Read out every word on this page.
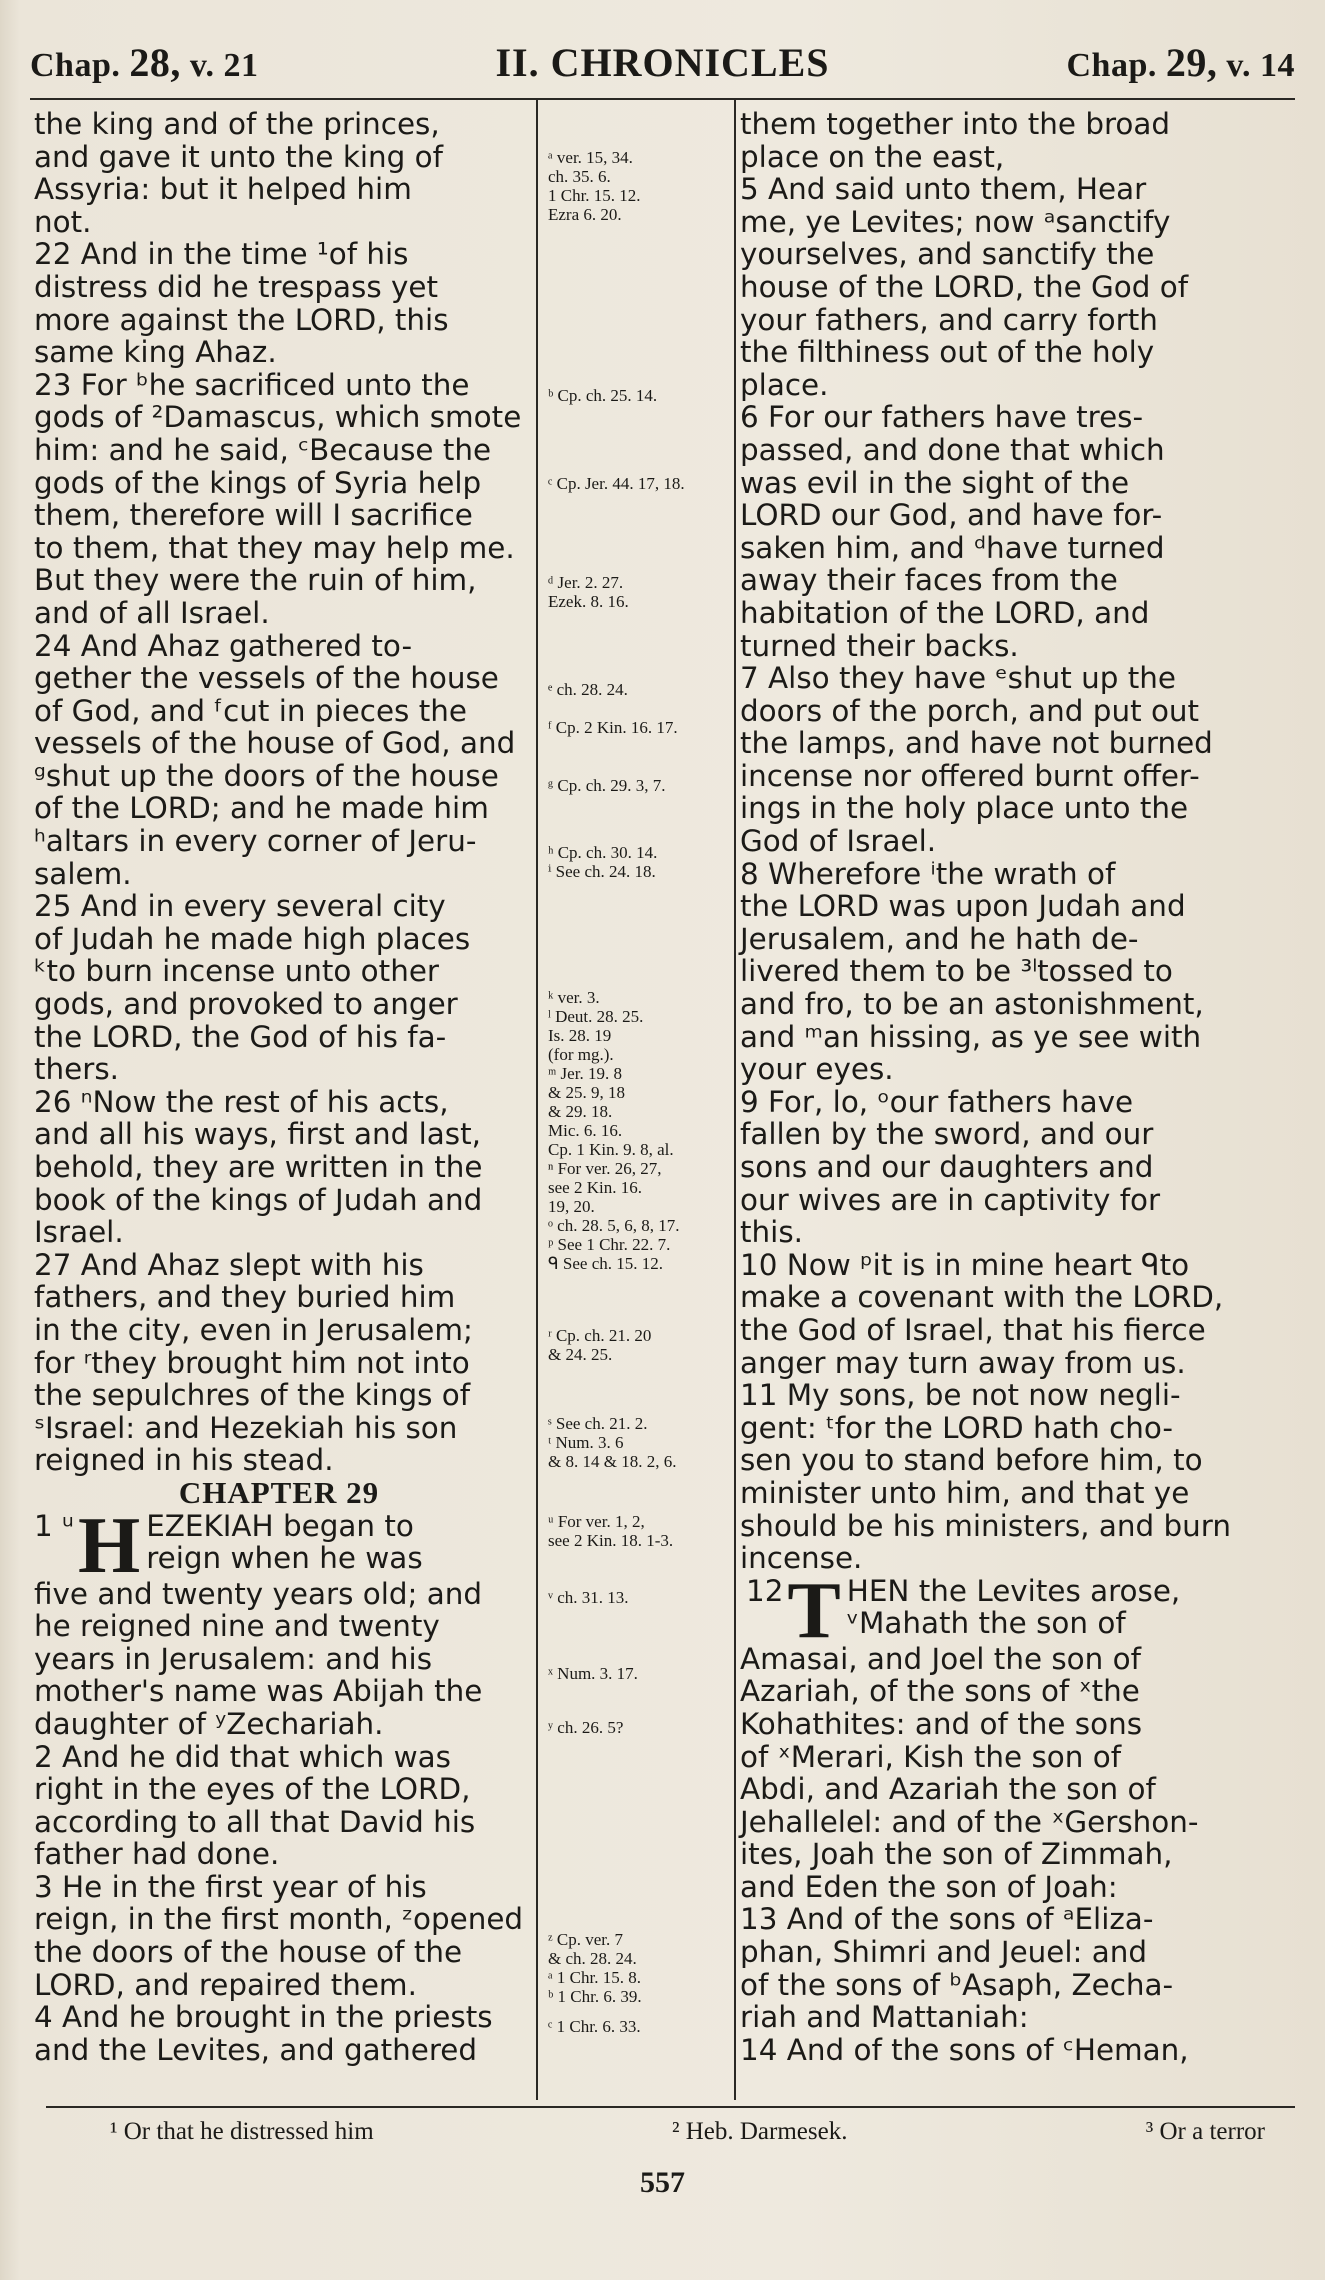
Chap. 28, v. 21	II. CHRONICLES	Chap. 29, v. 14
the king and of the princes,
and gave it unto the king of
Assyria: but it helped him
not.
22 And in the time ¹of his
distress did he trespass yet
more against the LORD, this
same king Ahaz.
23 For ᵇhe sacrificed unto the
gods of ²Damascus, which smote
him: and he said, ᶜBecause the
gods of the kings of Syria help
them, therefore will I sacrifice
to them, that they may help me.
But they were the ruin of him,
and of all Israel.
24 And Ahaz gathered to-
gether the vessels of the house
of God, and ᶠcut in pieces the
vessels of the house of God, and
ᵍshut up the doors of the house
of the LORD; and he made him
ʰaltars in every corner of Jeru-
salem.
25 And in every several city
of Judah he made high places
ᵏto burn incense unto other
gods, and provoked to anger
the LORD, the God of his fa-
thers.
26 ⁿNow the rest of his acts,
and all his ways, first and last,
behold, they are written in the
book of the kings of Judah and
Israel.
27 And Ahaz slept with his
fathers, and they buried him
in the city, even in Jerusalem;
for ʳthey brought him not into
the sepulchres of the kings of
ˢIsrael: and Hezekiah his son
reigned in his stead.
CHAPTER 29
1 ᵘ H EZEKIAH began to
reign when he was
five and twenty years old; and
he reigned nine and twenty
years in Jerusalem: and his
mother's name was Abijah the
daughter of ʸZechariah.
2 And he did that which was
right in the eyes of the LORD,
according to all that David his
father had done.
3 He in the first year of his
reign, in the first month, ᶻopened
the doors of the house of the
LORD, and repaired them.
4 And he brought in the priests
and the Levites, and gathered
ᵃ ver. 15, 34.
ch. 35. 6.
1 Chr. 15. 12.
Ezra 6. 20.
ᵇ Cp. ch. 25. 14.
ᶜ Cp. Jer. 44. 17, 18.
ᵈ Jer. 2. 27.
Ezek. 8. 16.
ᵉ ch. 28. 24.
ᶠ Cp. 2 Kin. 16. 17.
ᵍ Cp. ch. 29. 3, 7.
ʰ Cp. ch. 30. 14.
ⁱ See ch. 24. 18.
ᵏ ver. 3.
ˡ Deut. 28. 25.
Is. 28. 19
(for mg.).
ᵐ Jer. 19. 8
& 25. 9, 18
& 29. 18.
Mic. 6. 16.
Cp. 1 Kin. 9. 8, al.
ⁿ For ver. 26, 27,
see 2 Kin. 16.
19, 20.
ᵒ ch. 28. 5, 6, 8, 17.
ᵖ See 1 Chr. 22. 7.
ᑫ See ch. 15. 12.
ʳ Cp. ch. 21. 20
& 24. 25.
ˢ See ch. 21. 2.
ᵗ Num. 3. 6
& 8. 14 & 18. 2, 6.
ᵘ For ver. 1, 2,
see 2 Kin. 18. 1-3.
ᵛ ch. 31. 13.
ˣ Num. 3. 17.
ʸ ch. 26. 5?
ᶻ Cp. ver. 7
& ch. 28. 24.
ᵃ 1 Chr. 15. 8.
ᵇ 1 Chr. 6. 39.
ᶜ 1 Chr. 6. 33.
them together into the broad
place on the east,
5 And said unto them, Hear
me, ye Levites; now ᵃsanctify
yourselves, and sanctify the
house of the LORD, the God of
your fathers, and carry forth
the filthiness out of the holy
place.
6 For our fathers have tres-
passed, and done that which
was evil in the sight of the
LORD our God, and have for-
saken him, and ᵈhave turned
away their faces from the
habitation of the LORD, and
turned their backs.
7 Also they have ᵉshut up the
doors of the porch, and put out
the lamps, and have not burned
incense nor offered burnt offer-
ings in the holy place unto the
God of Israel.
8 Wherefore ⁱthe wrath of
the LORD was upon Judah and
Jerusalem, and he hath de-
livered them to be ³ˡtossed to
and fro, to be an astonishment,
and ᵐan hissing, as ye see with
your eyes.
9 For, lo, ᵒour fathers have
fallen by the sword, and our
sons and our daughters and
our wives are in captivity for
this.
10 Now ᵖit is in mine heart ᑫto
make a covenant with the LORD,
the God of Israel, that his fierce
anger may turn away from us.
11 My sons, be not now negli-
gent: ᵗfor the LORD hath cho-
sen you to stand before him, to
minister unto him, and that ye
should be his ministers, and burn
incense.
12 T HEN the Levites arose,
ᵛMahath the son of
Amasai, and Joel the son of
Azariah, of the sons of ˣthe
Kohathites: and of the sons
of ˣMerari, Kish the son of
Abdi, and Azariah the son of
Jehallelel: and of the ˣGershon-
ites, Joah the son of Zimmah,
and Eden the son of Joah:
13 And of the sons of ᵃEliza-
phan, Shimri and Jeuel: and
of the sons of ᵇAsaph, Zecha-
riah and Mattaniah:
14 And of the sons of ᶜHeman,
¹ Or that he distressed him	² Heb. Darmesek.	³ Or a terror
557
